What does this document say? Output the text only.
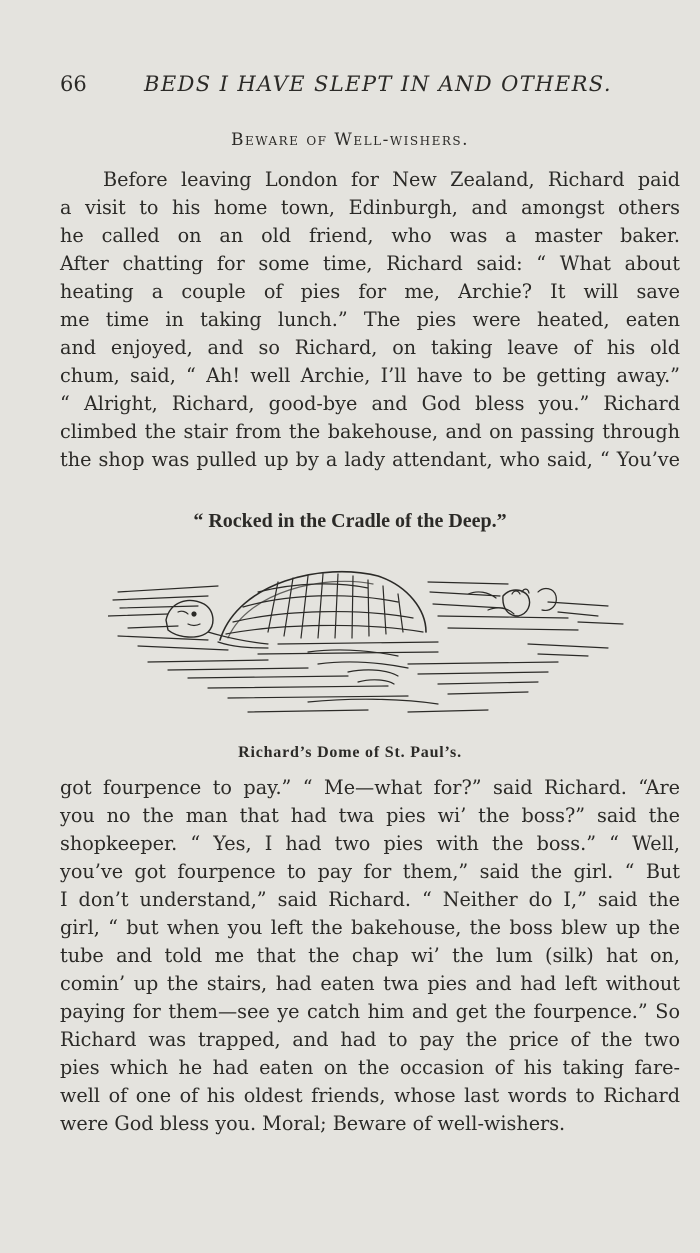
66	BEDS I HAVE SLEPT IN AND OTHERS.
Beware of Well-wishers.

Before leaving London for New Zealand, Richard paid
a visit to his home town, Edinburgh, and amongst others
he called on an old friend, who was a master baker.
After chatting for some time, Richard said: “ What about
heating a couple of pies for me, Archie? It will save
me time in taking lunch.” The pies were heated, eaten
and enjoyed, and so Richard, on taking leave of his old
chum, said, “ Ah! well Archie, I’ll have to be getting away.”
“ Alright, Richard, good-bye and God bless you.” Richard
climbed the stair from the bakehouse, and on passing through
the shop was pulled up by a lady attendant, who said, “ You’ve

“ Rocked in the Cradle of the Deep.”
Richard’s Dome of St. Paul’s.

got fourpence to pay.” “ Me—what for?” said Richard. “Are
you no the man that had twa pies wi’ the boss?” said the
shopkeeper. “ Yes, I had two pies with the boss.” “ Well,
you’ve got fourpence to pay for them,” said the girl. “ But
I don’t understand,” said Richard. “ Neither do I,” said the
girl, “ but when you left the bakehouse, the boss blew up the
tube and told me that the chap wi’ the lum (silk) hat on,
comin’ up the stairs, had eaten twa pies and had left without
paying for them—see ye catch him and get the fourpence.” So
Richard was trapped, and had to pay the price of the two
pies which he had eaten on the occasion of his taking fare-
well of one of his oldest friends, whose last words to Richard
were God bless you. Moral; Beware of well-wishers.
